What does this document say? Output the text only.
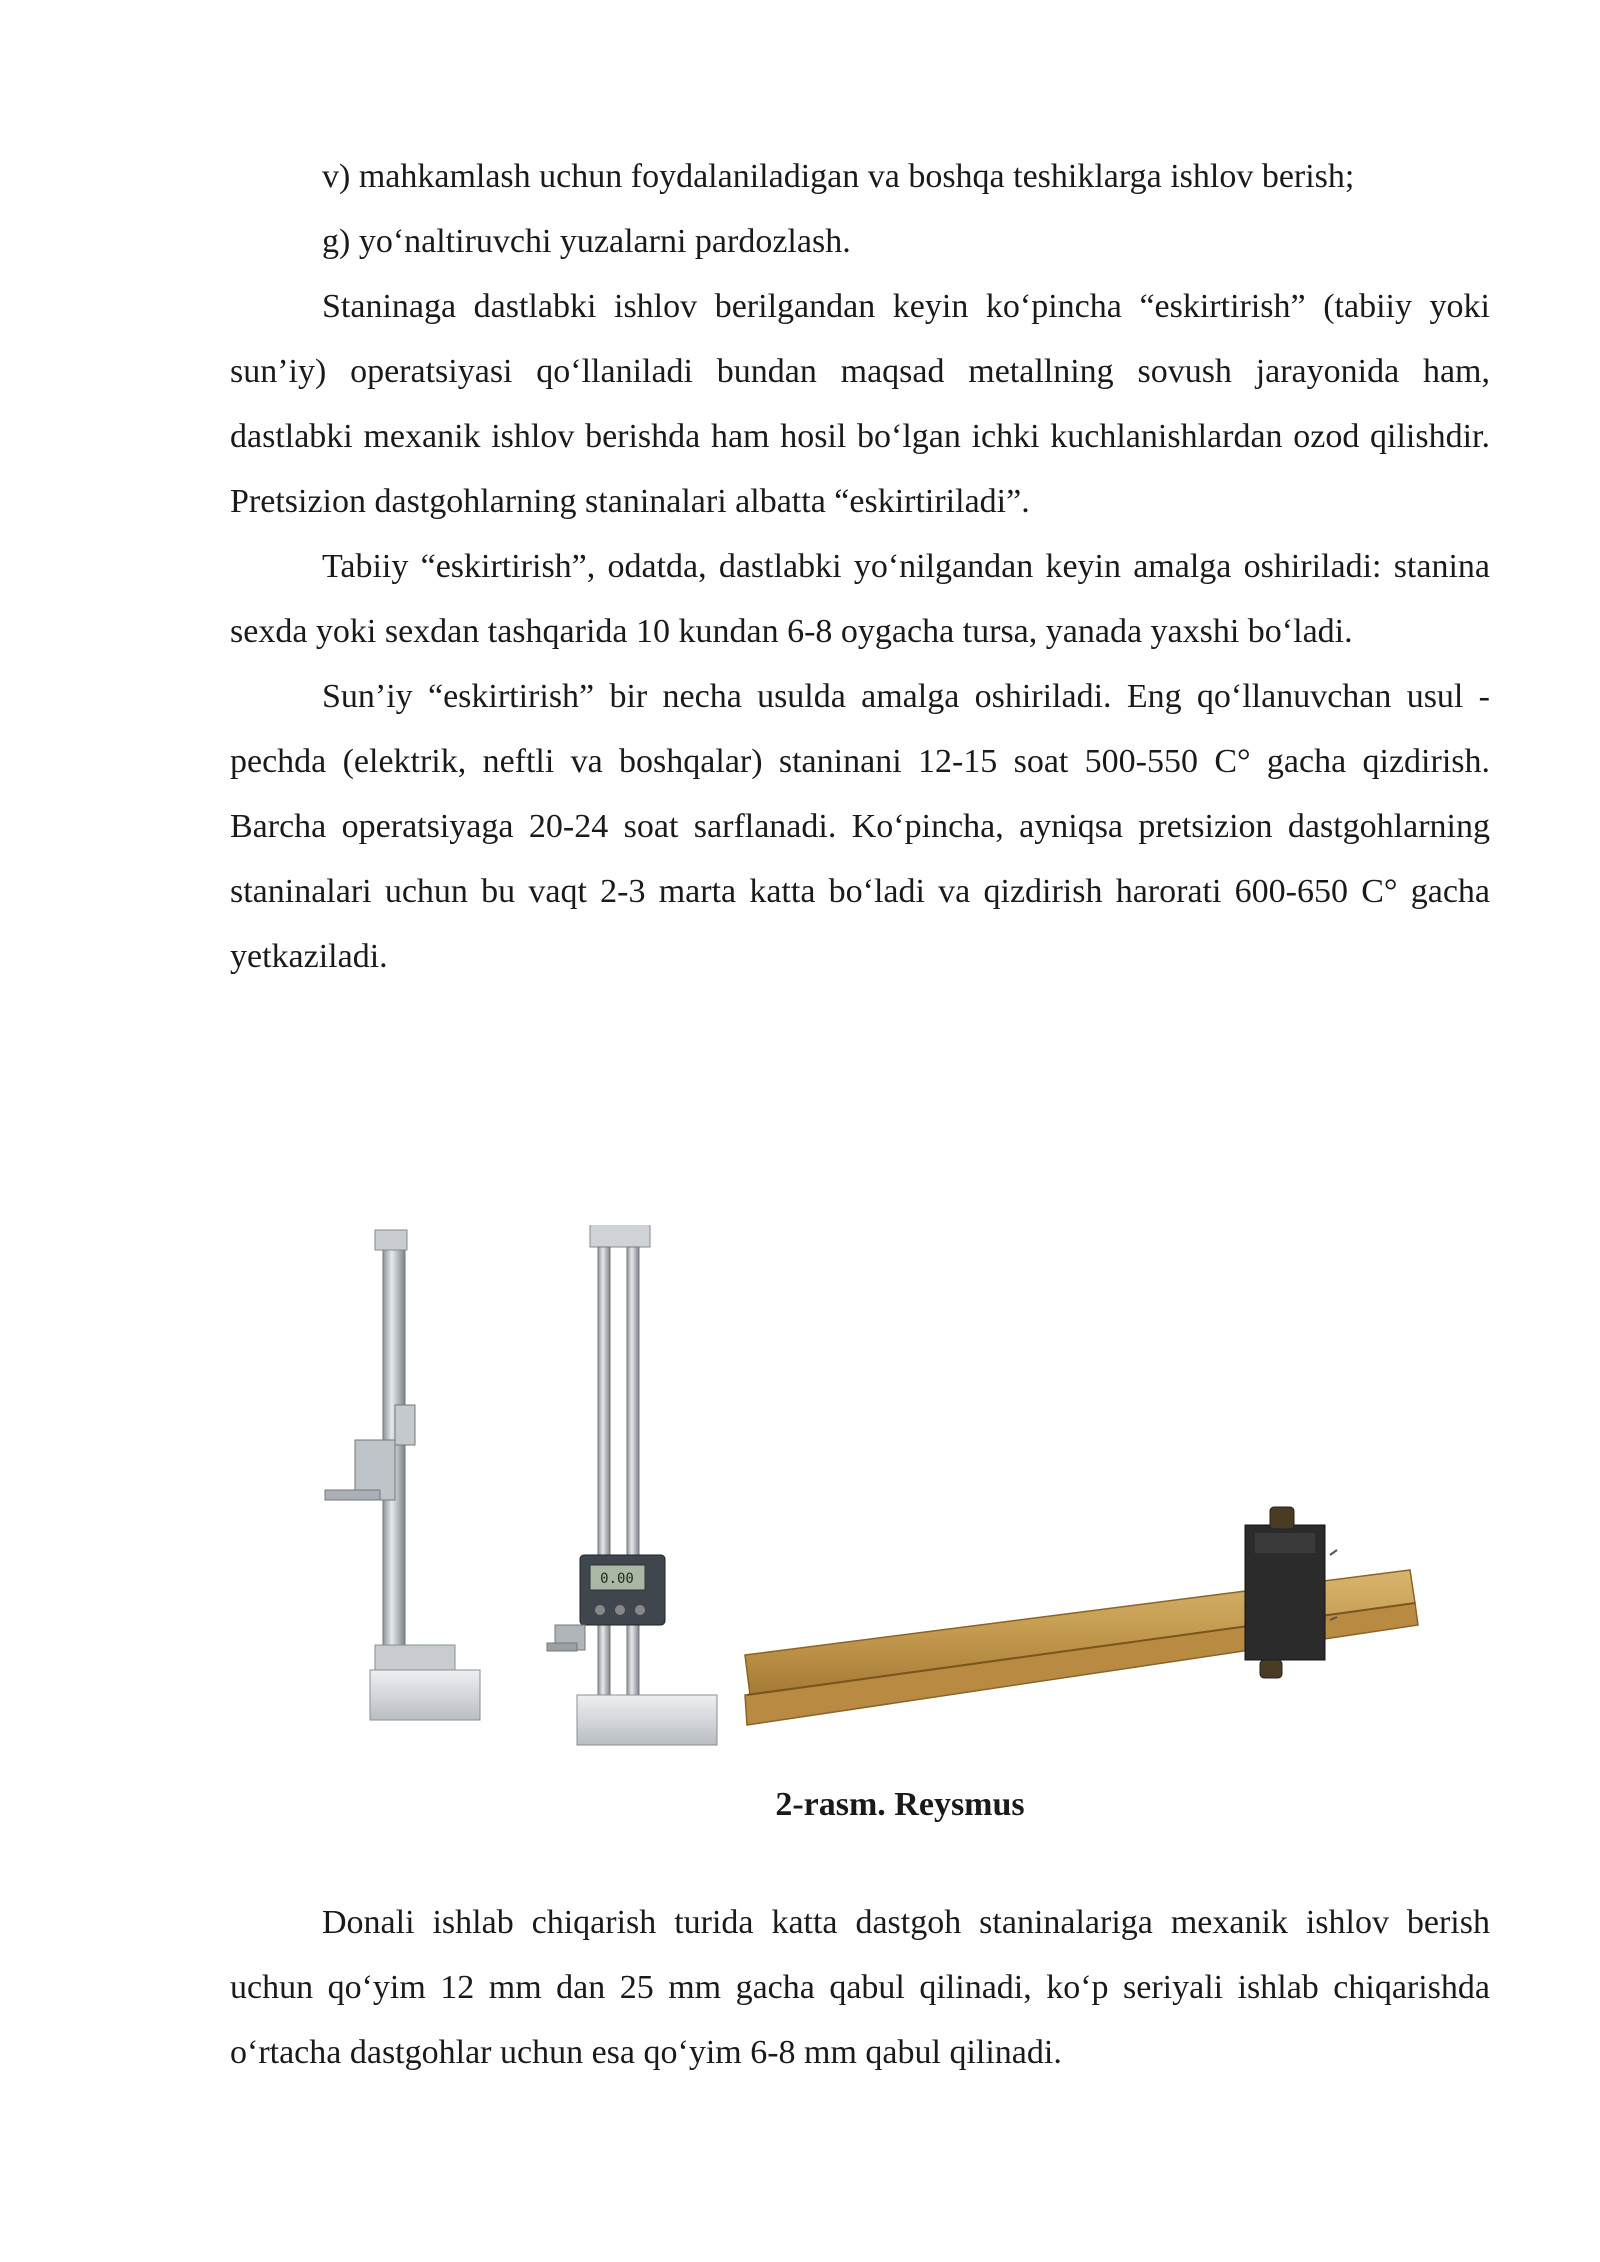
v) mahkamlash uchun foydalaniladigan va boshqa teshiklarga ishlov berish;

g) yo‘naltiruvchi yuzalarni pardozlash.

Staninaga dastlabki ishlov berilgandan keyin ko‘pincha “eskirtirish” (tabiiy yoki sun’iy) operatsiyasi qo‘llaniladi bundan maqsad metallning sovush jarayonida ham, dastlabki mexanik ishlov berishda ham hosil bo‘lgan ichki kuchlanishlardan ozod qilishdir. Pretsizion dastgohlarning staninalari albatta “eskirtiriladi”.

Tabiiy “eskirtirish”, odatda, dastlabki yo‘nilgandan keyin amalga oshiriladi: stanina sexda yoki sexdan tashqarida 10 kundan 6-8 oygacha tursa, yanada yaxshi bo‘ladi.

Sun’iy “eskirtirish” bir necha usulda amalga oshiriladi. Eng qo‘llanuvchan usul - pechda (elektrik, neftli va boshqalar) staninani 12-15 soat 500-550 C° gacha qizdirish. Barcha operatsiyaga 20-24 soat sarflanadi. Ko‘pincha, ayniqsa pretsizion dastgohlarning staninalari uchun bu vaqt 2-3 marta katta bo‘ladi va qizdirish harorati 600-650 C° gacha yetkaziladi.

0.00
2-rasm. Reysmus

Donali ishlab chiqarish turida katta dastgoh staninalariga mexanik ishlov berish uchun qo‘yim 12 mm dan 25 mm gacha qabul qilinadi, ko‘p seriyali ishlab chiqarishda o‘rtacha dastgohlar uchun esa qo‘yim 6-8 mm qabul qilinadi.
